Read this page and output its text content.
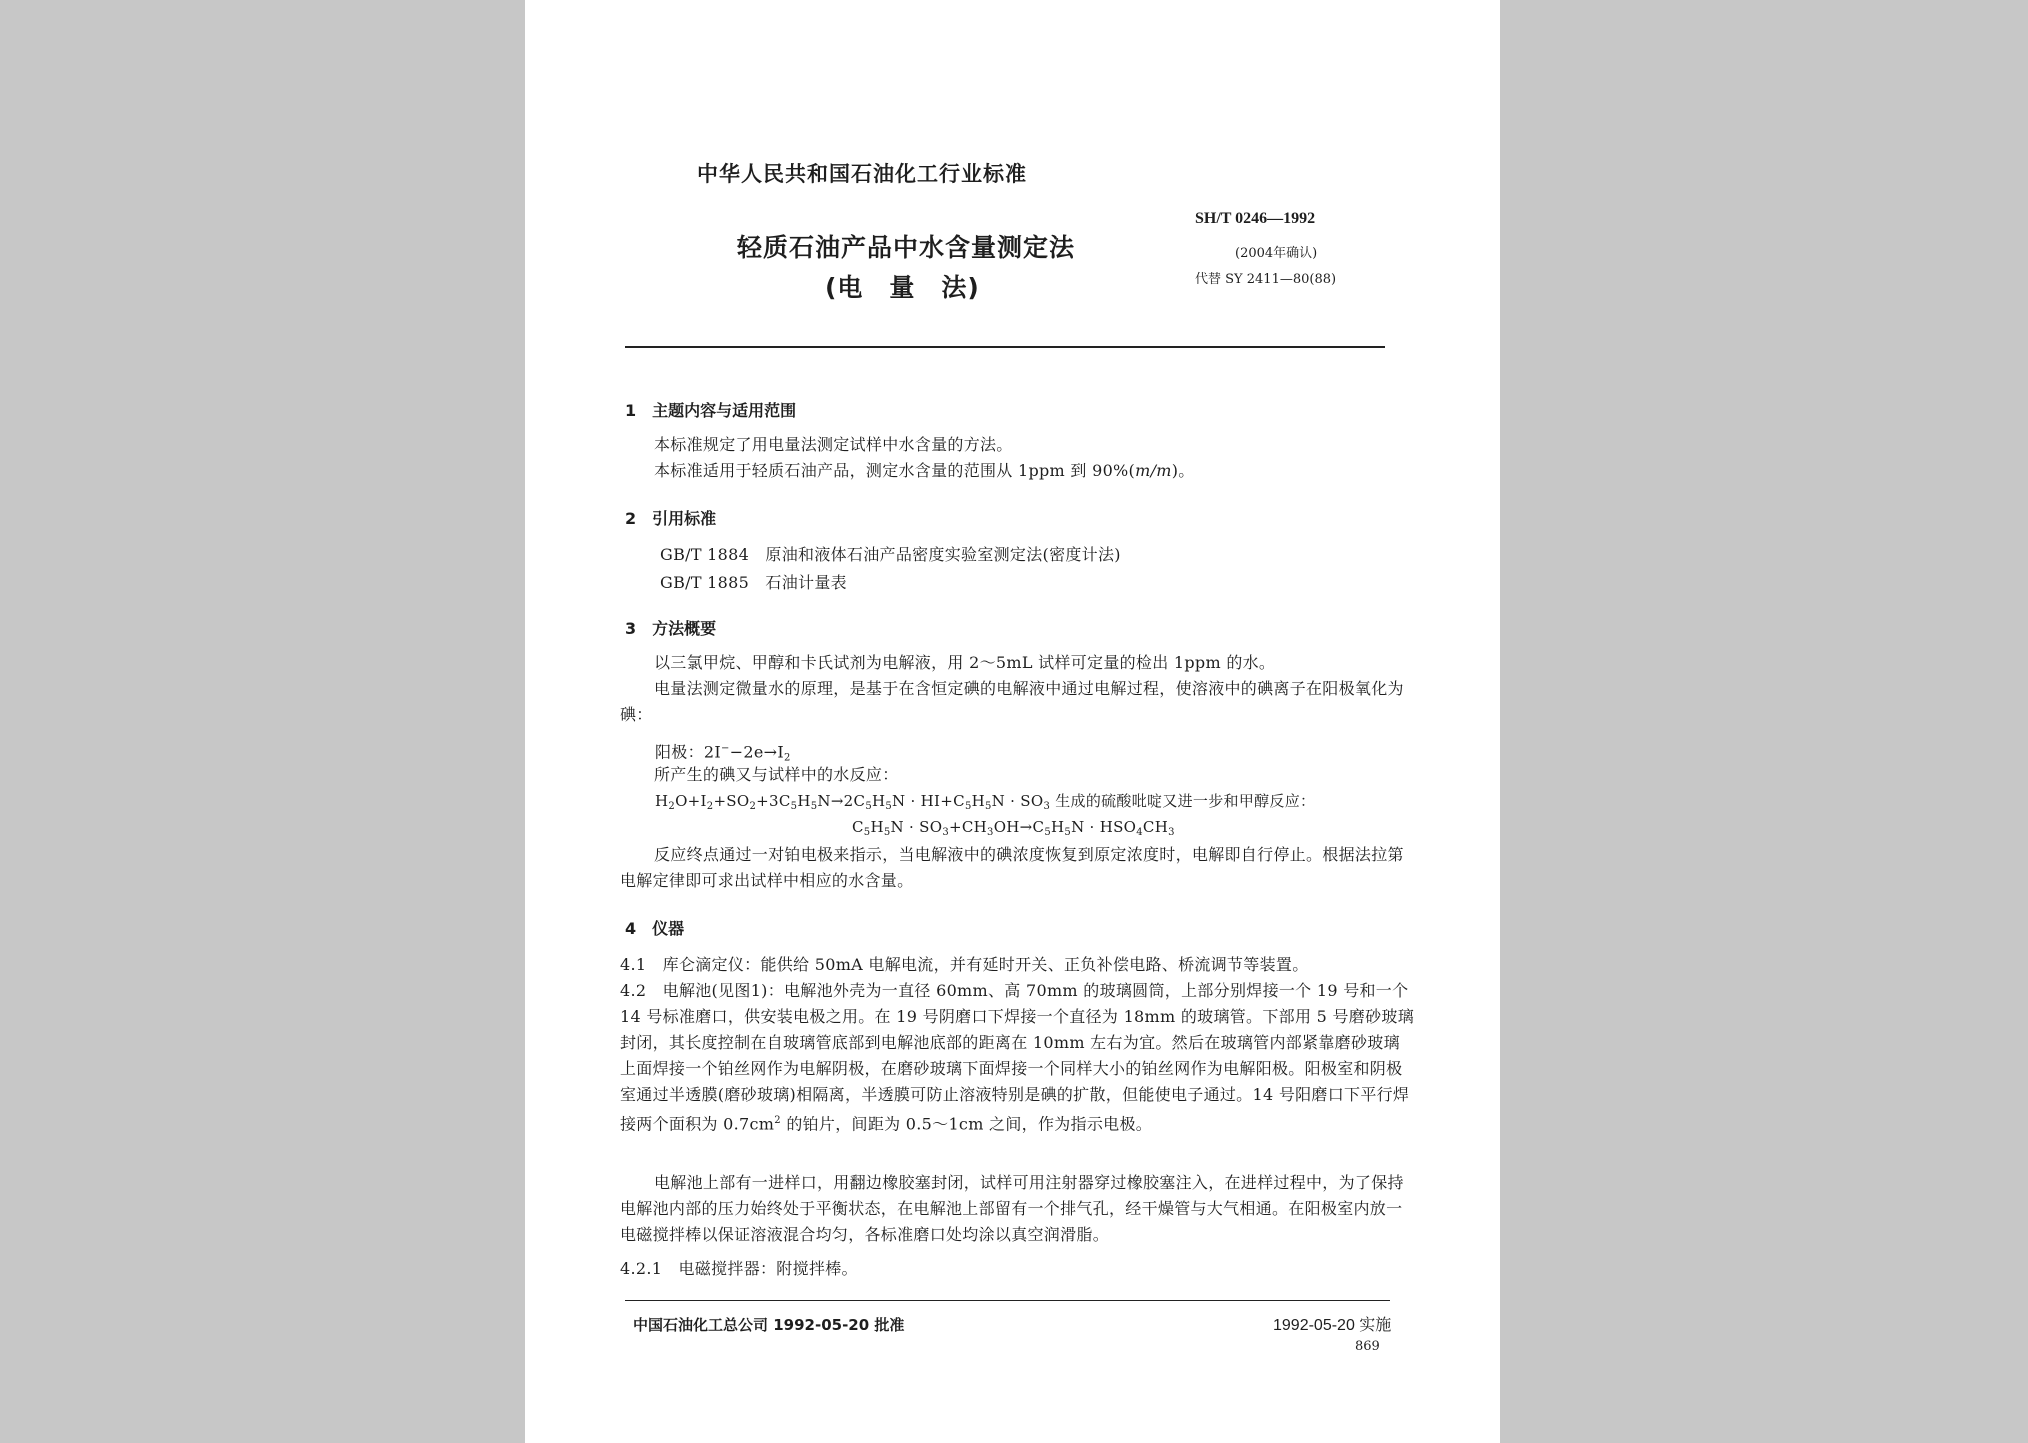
中华人民共和国石油化工行业标准
轻质石油产品中水含量测定法
(电　量　法)
SH/T 0246—1992
(2004年确认)
代替 SY 2411—80(88)
1　主题内容与适用范围
本标准规定了用电量法测定试样中水含量的方法。
本标准适用于轻质石油产品，测定水含量的范围从 1ppm 到 90%(m/m)。
2　引用标准
GB/T 1884　 原油和液体石油产品密度实验室测定法(密度计法)
GB/T 1885　 石油计量表
3　方法概要
以三氯甲烷、甲醇和卡氏试剂为电解液，用 2～5mL 试样可定量的检出 1ppm 的水。
电量法测定微量水的原理，是基于在含恒定碘的电解液中通过电解过程，使溶液中的碘离子在阳极氧化为碘：
阳极：$2I^--2e\to I_2$
所产生的碘又与试样中的水反应：
$H_2O+I_2+SO_2+3C_5H_5N\to 2C_5H_5N \cdot HI+C_5H_5N \cdot SO_3$ 生成的硫酸吡啶又进一步和甲醇反应：
$C_5H_5N \cdot SO_3+CH_3OH\to C_5H_5N \cdot HSO_4CH_3$
反应终点通过一对铂电极来指示，当电解液中的碘浓度恢复到原定浓度时，电解即自行停止。根据法拉第电解定律即可求出试样中相应的水含量。
4　仪器
4.1　库仑滴定仪：能供给 50mA 电解电流，并有延时开关、正负补偿电路、桥流调节等装置。
4.2　电解池(见图1)：电解池外壳为一直径 60mm、高 70mm 的玻璃圆筒，上部分别焊接一个 19 号和一个 14 号标准磨口，供安装电极之用。在 19 号阴磨口下焊接一个直径为 18mm 的玻璃管。下部用 5 号磨砂玻璃封闭，其长度控制在自玻璃管底部到电解池底部的距离在 10mm 左右为宜。然后在玻璃管内部紧靠磨砂玻璃上面焊接一个铂丝网作为电解阴极，在磨砂玻璃下面焊接一个同样大小的铂丝网作为电解阳极。阳极室和阴极室通过半透膜(磨砂玻璃)相隔离，半透膜可防止溶液特别是碘的扩散，但能使电子通过。14 号阳磨口下平行焊接两个面积为 $0.7cm^2$ 的铂片，间距为 0.5～1cm 之间，作为指示电极。
电解池上部有一进样口，用翻边橡胶塞封闭，试样可用注射器穿过橡胶塞注入，在进样过程中，为了保持电解池内部的压力始终处于平衡状态，在电解池上部留有一个排气孔，经干燥管与大气相通。在阳极室内放一电磁搅拌棒以保证溶液混合均匀，各标准磨口处均涂以真空润滑脂。
4.2.1　电磁搅拌器：附搅拌棒。
中国石油化工总公司 1992-05-20 批准	1992-05-20 实施
869
